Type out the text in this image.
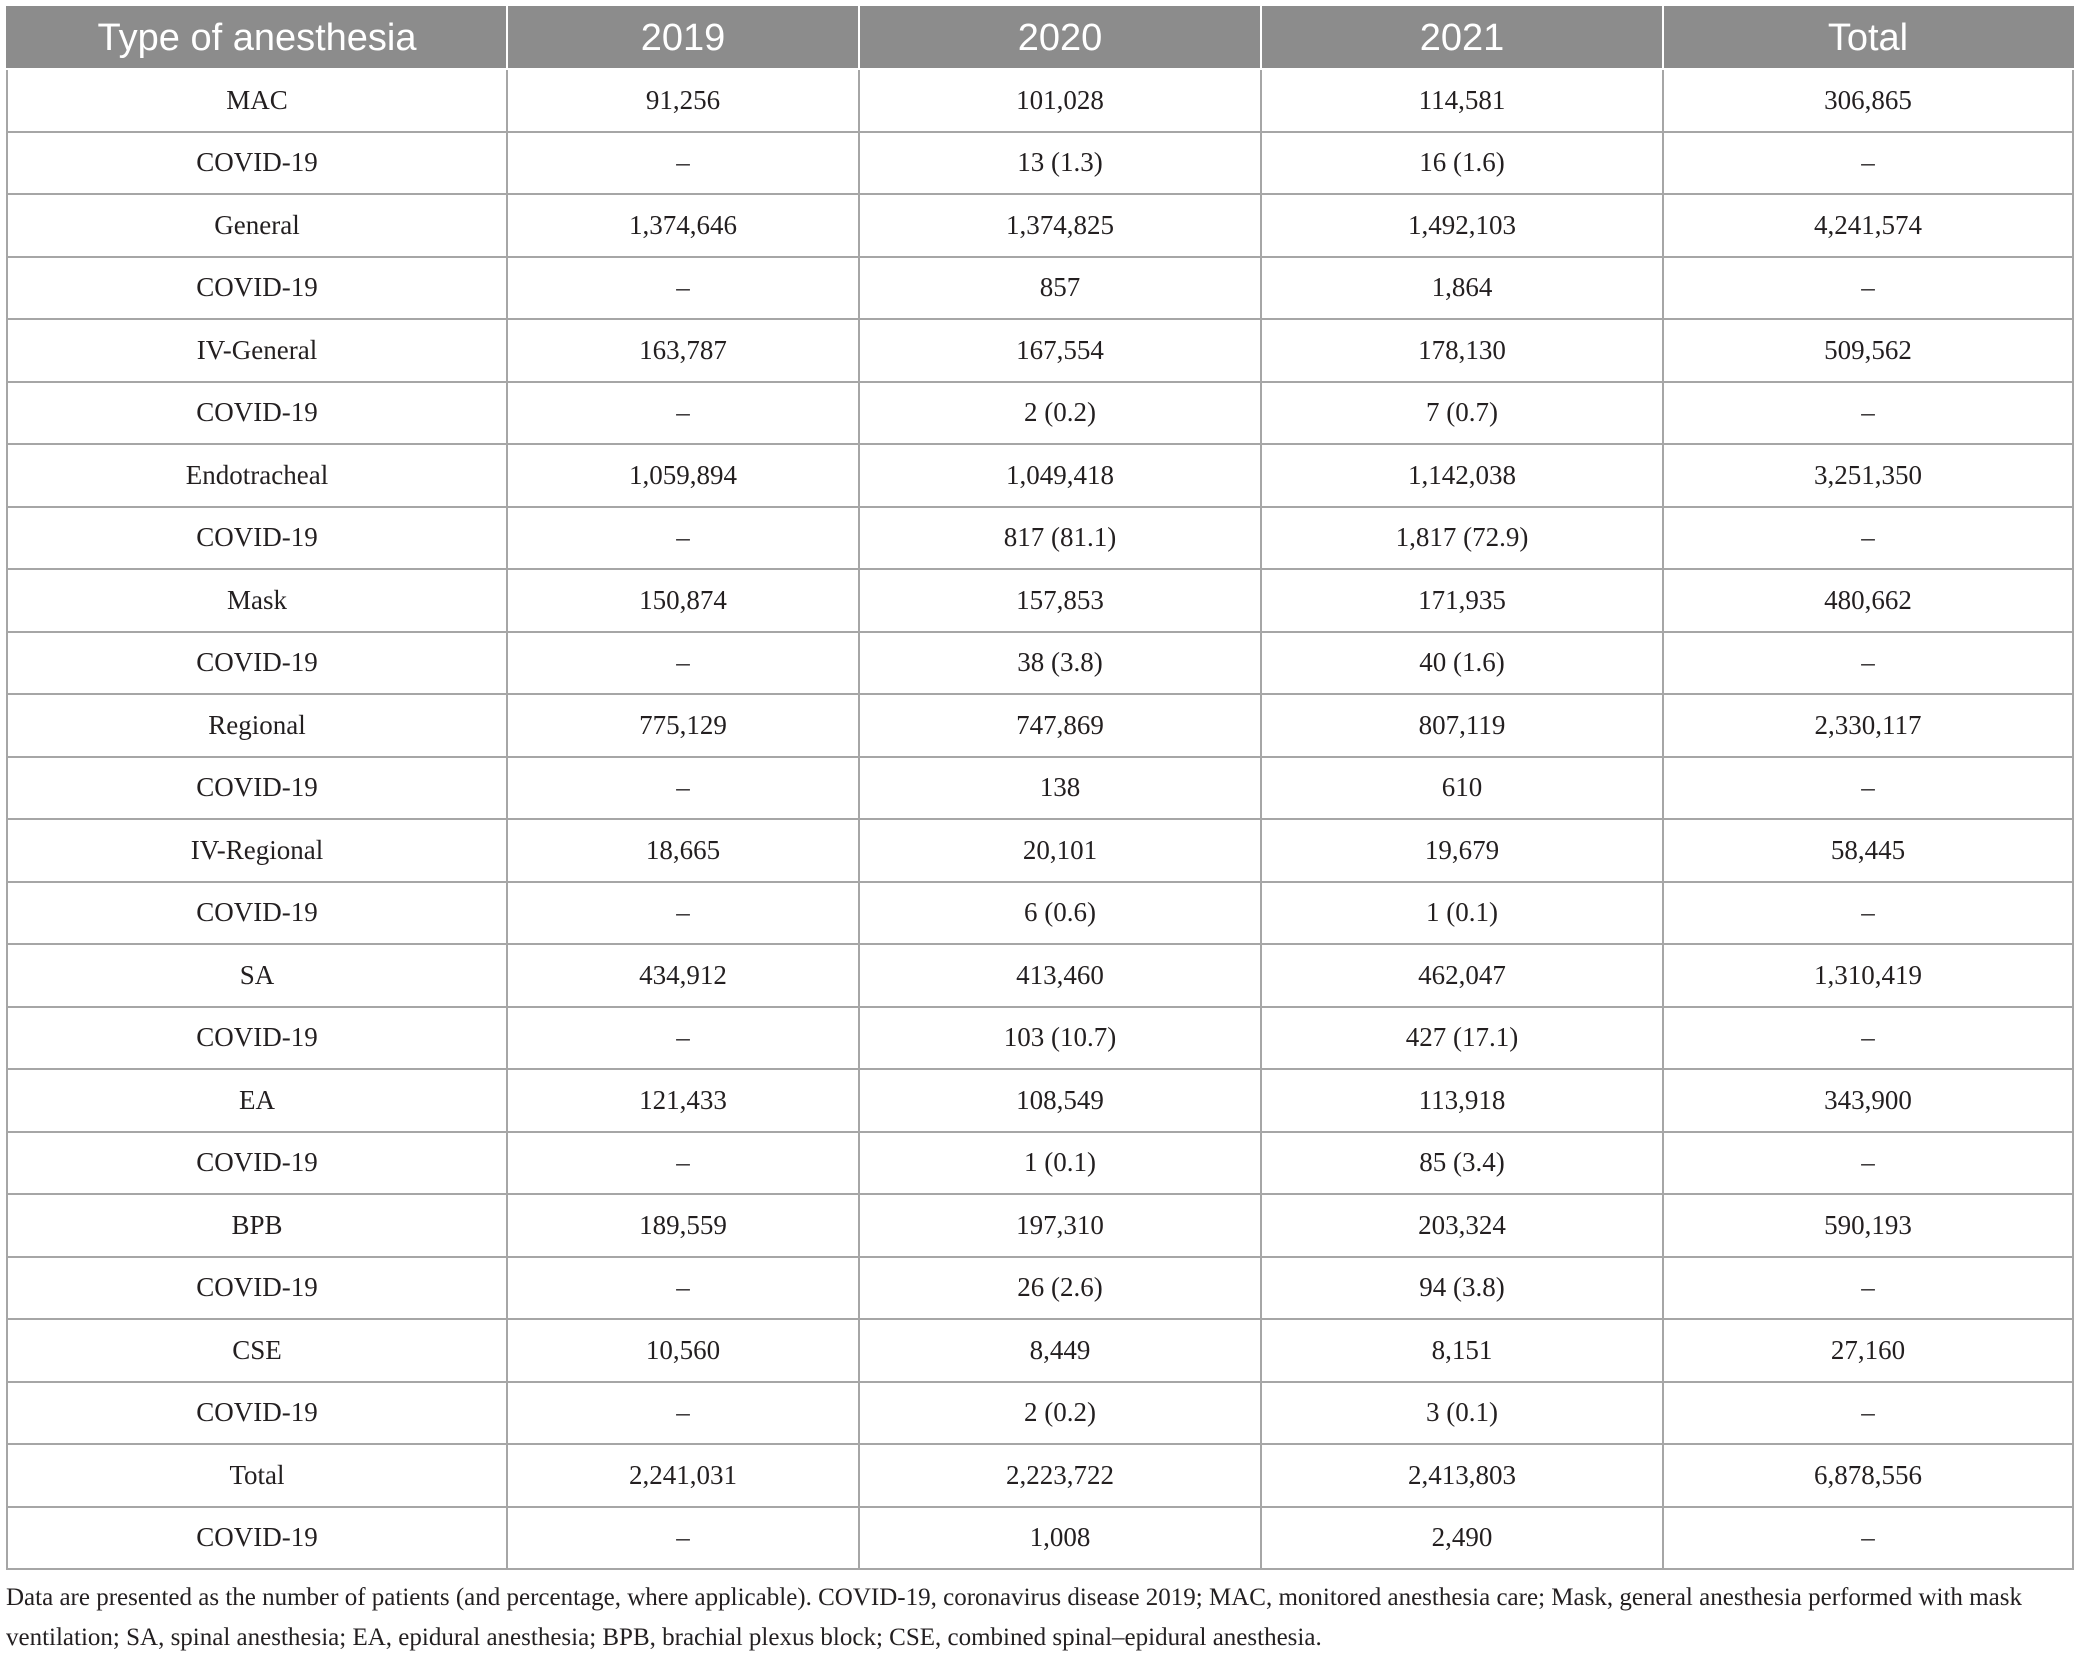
Type of anesthesia	2019	2020	2021	Total
MAC	91,256	101,028	114,581	306,865
COVID-19	–	13 (1.3)	16 (1.6)	–
General	1,374,646	1,374,825	1,492,103	4,241,574
COVID-19	–	857	1,864	–
IV-General	163,787	167,554	178,130	509,562
COVID-19	–	2 (0.2)	7 (0.7)	–
Endotracheal	1,059,894	1,049,418	1,142,038	3,251,350
COVID-19	–	817 (81.1)	1,817 (72.9)	–
Mask	150,874	157,853	171,935	480,662
COVID-19	–	38 (3.8)	40 (1.6)	–
Regional	775,129	747,869	807,119	2,330,117
COVID-19	–	138	610	–
IV-Regional	18,665	20,101	19,679	58,445
COVID-19	–	6 (0.6)	1 (0.1)	–
SA	434,912	413,460	462,047	1,310,419
COVID-19	–	103 (10.7)	427 (17.1)	–
EA	121,433	108,549	113,918	343,900
COVID-19	–	1 (0.1)	85 (3.4)	–
BPB	189,559	197,310	203,324	590,193
COVID-19	–	26 (2.6)	94 (3.8)	–
CSE	10,560	8,449	8,151	27,160
COVID-19	–	2 (0.2)	3 (0.1)	–
Total	2,241,031	2,223,722	2,413,803	6,878,556
COVID-19	–	1,008	2,490	–
Data are presented as the number of patients (and percentage, where applicable). COVID-19, coronavirus disease 2019; MAC, monitored anesthesia care; Mask, general anesthesia performed with mask ventilation; SA, spinal anesthesia; EA, epidural anesthesia; BPB, brachial plexus block; CSE, combined spinal–epidural anesthesia.
